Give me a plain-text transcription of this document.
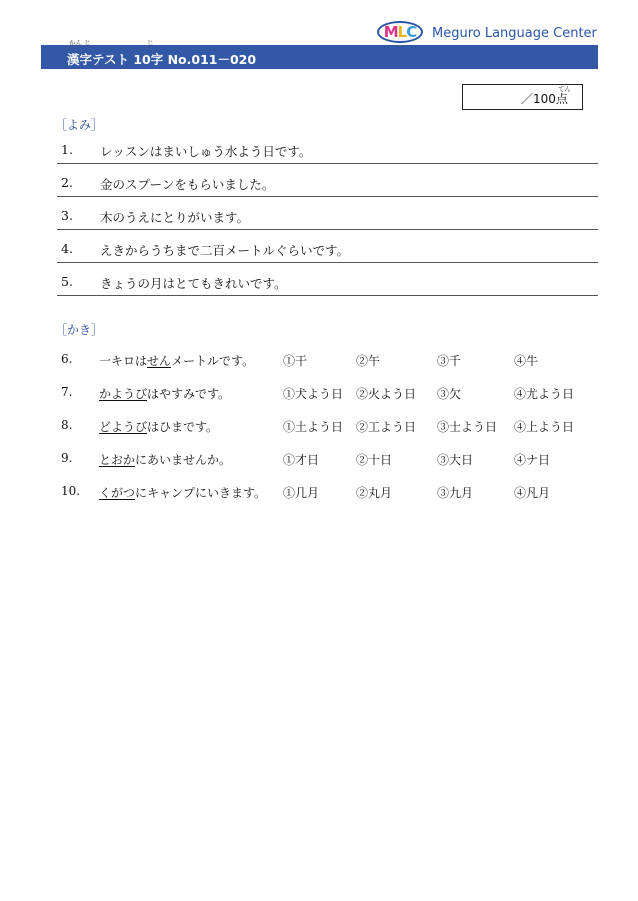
M L C Meguro Language Center
かん じ	じ
漢字テスト 10字 No.011－020
てん
／100点
［よみ］
1. レッスンはまいしゅう水よう日です。
2. 金のスプーンをもらいました。
3. 木のうえにとりがいます。
4. えきからうちまで二百メートルぐらいです。
5. きょうの月はとてもきれいです。
［かき］
6. 一キロはせんメートルです。 ①干	②午	③千	④牛
7. かようびはやすみです。	①犬よう日 ②火よう日 ③欠	④尤よう日
8. どようびはひまです。	①土よう日 ②工よう日 ③士よう日 ④上よう日
9. とおかにあいませんか。	①才日	②十日	③大日	④ナ日
10. くがつにキャンプにいきます。 ①几月	②丸月	③九月	④凡月
